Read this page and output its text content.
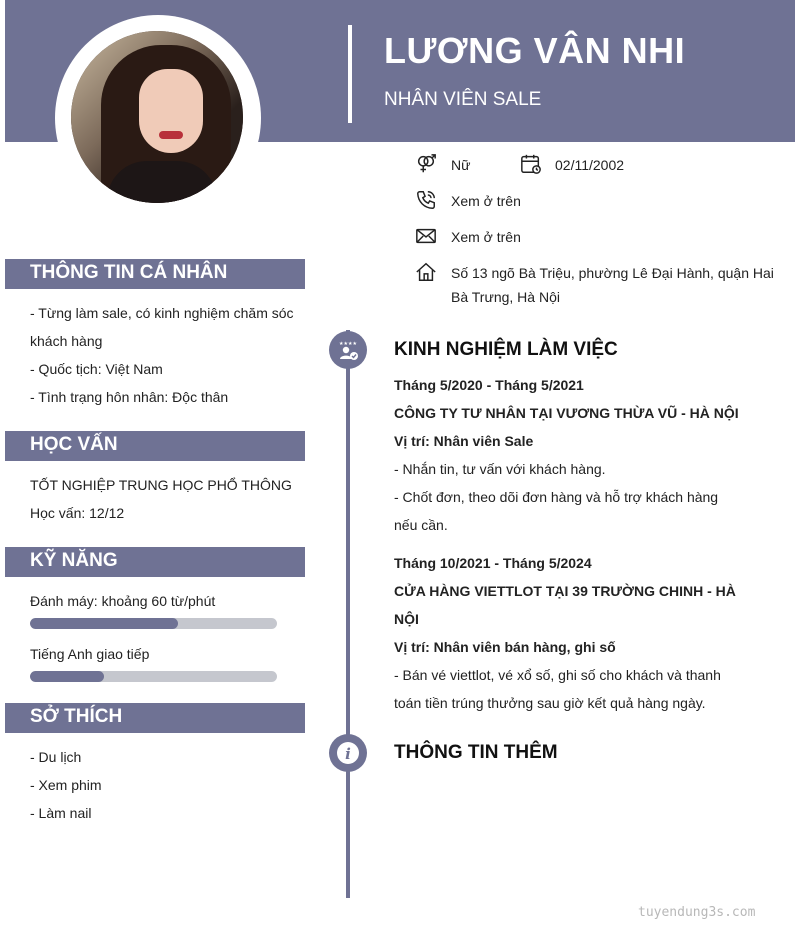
LƯƠNG VÂN NHI
NHÂN VIÊN SALE
Nữ	02/11/2002
Xem ở trên
Xem ở trên
Số 13 ngõ Bà Triệu, phường Lê Đại Hành, quận Hai
Bà Trưng, Hà Nội
THÔNG TIN CÁ NHÂN
- Từng làm sale, có kinh nghiệm chăm sóc
khách hàng
- Quốc tịch: Việt Nam
- Tình trạng hôn nhân: Độc thân
HỌC VẤN
TỐT NGHIỆP TRUNG HỌC PHỔ THÔNG
Học vấn: 12/12
KỸ NĂNG
Đánh máy: khoảng 60 từ/phút
Tiếng Anh giao tiếp
SỞ THÍCH
- Du lịch
- Xem phim
- Làm nail
★★★★
i
KINH NGHIỆM LÀM VIỆC
Tháng 5/2020 - Tháng 5/2021
CÔNG TY TƯ NHÂN TẠI VƯƠNG THỪA VŨ - HÀ NỘI
Vị trí: Nhân viên Sale
- Nhắn tin, tư vấn với khách hàng.
- Chốt đơn, theo dõi đơn hàng và hỗ trợ khách hàng
nếu cần.
Tháng 10/2021 - Tháng 5/2024
CỬA HÀNG VIETTLOT TẠI 39 TRƯỜNG CHINH - HÀ
NỘI
Vị trí: Nhân viên bán hàng, ghi số
- Bán vé viettlot, vé xổ số, ghi số cho khách và thanh
toán tiền trúng thưởng sau giờ kết quả hàng ngày.
THÔNG TIN THÊM
tuyendung3s.com
